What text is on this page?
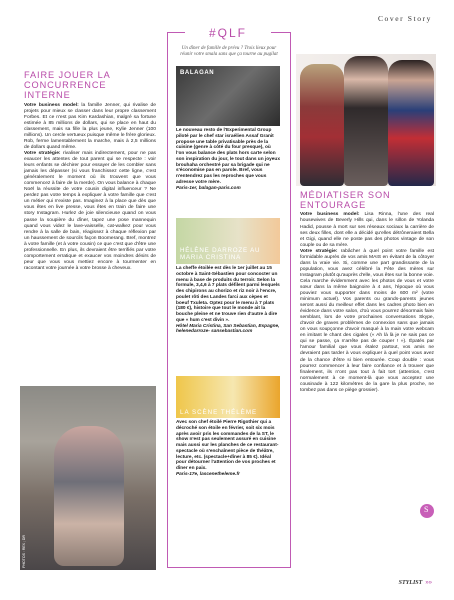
Cover Story
FAIRE JOUER LA CONCURRENCE INTERNE
Votre business model: la famille Jenner, qui rivalise de projets pour mieux se classer dans leur propre classement Forbes. Et ce n'est pas Kim Kardashian, malgré sa fortune estimée à 85 millions de dollars, qui se place en haut du classement, mais sa fille la plus jeune, Kylie Jenner (100 millions). Un cercle vertueux puisque même le frère glorieux. Rob, ferme lamentablement la marche, mais à 2,5 millions de dollars quand même.
Votre stratégie: rivaliser mais indirectement, pour ne pas exaucer les attentes de tout parent qui se respecte : voir leurs enfants se déchirer pour essayer de les combler sans jamais les dépasser (si vous franchissez cette ligne, c'est généralement le moment où ils trouvent que vous commencez à faire de la merde). On vous balance à chaque Noël la réussite de votre cousin digital influenceur ? Ne perdez pas votre temps à expliquer à votre famille que c'est un métier qui n'existe pas. Imaginez à la place que dès que vous êtes en live presse, vous êtes en train de faire une story Instagram. Hurlez de joie silencieuse quand on vous passe la soupière du dîner, tapez une pose mannequin quand vous videz le lave-vaisselle, cat-walkez pour vous rendre à la salle de bain, réagissez à chaque réflexion par un haussement de sourcils façon Boomerang. Bref, montrez à votre famille (et à votre cousin) ce que c'est que d'être une professionnelle. En plus, ils devraient être terrifiés par votre comportement erratique et exaucer vos moindres désirs de peur que vous vous mettiez encore à tourmenter en racontant votre journée à votre brosse à cheveux.
PHOTOS : REX ; DR
#QLF
Un dîner de famille de prévu ? Trois lieux pour réunir votre smala sans que ça tourne au pugilat
BALAGAN
Le nouveau resto de l'Experimental Group piloté par le chef star israélien Assaf Granit propose une table privatisable près de la cuisine (genre à côté du four presque), où l'on vous balance des plats hors carte selon son inspiration du jour, le tout dans un joyeux brouhaha orchestré par sa brigade qui ne s'économise pas en parole. Bref, vous n'entendrez pas les reproches que vous adresse votre mère.
Paris-1er, balagan-paris.com
HÉLÈNE DARROZE AU MARIA CRISTINA
La cheffe étoilée est dès le 1er juillet au 15 octobre à Saint-Sébastien pour concocter un menu à base de produits du terroir. Selon la formule, 3,4,6 à 7 plats défilent parmi lesquels des chipirons au chorizo et riz noir à l'encre, poulet rôti des Landes farci aux cèpes et boeuf Txuleta. Optez pour le menu à 7 plats (180 €), histoire que tout le monde ait la bouche pleine et ne trouve rien d'autre à dire que « hum c'est divin ».
Hôtel Maria Cristina, San Sebastian, Espagne, helenedarroze- sansebastian.com
LA SCÈNE THÉLÈME
Avec son chef étoilé Pierre Rigothier qui a décroché son étoile en février, soit six mois après avoir pris les commandes de la ST, le show n'est pas seulement assuré en cuisine mais aussi sur les planches de ce restaurant-spectacle où s'enchaînent pièce de théâtre, lecture, etc. (spectacle+dîner à 85 €). Idéal pour détourner l'attention de vos proches et dîner en paix.
Paris-17e, lascenetheleme.fr
MÉDIATISER SON ENTOURAGE
Votre business model: Lisa Rinna, l'une des real housewives de Beverly Hills qui, dans le sillon de Yolanda Hadid, pousse à mort sur ses réseaux sociaux la carrière de ses deux filles, dont elle a décidé qu'elles détrôneraient Bella et Gigi, quand elle ne poste pas des photos vintage de son couple ou de sa mère.
Votre stratégie: rabâcher à quel point votre famille est formidable auprès de vos amis MAIS en évitant de la côtoyer dans la vraie vie. Si, comme une part grandissante de la population, vous avez célébré la Fête des mères sur Instagram plutôt qu'auprès d'elle, vous êtes sur la bonne voie. Cela marche évidemment avec les photos de vous et votre sœur dans la même baignoire à 4 ans, l'époque où vous pouviez vous supporter dans moins de 600 m² (votre minimum actuel). Vos parents ou grands-parents jeunes seront aussi du meilleur effet dans les cadres photo bien en évidence dans votre salon, d'où vous pourrez désormais faire semblant, lors de votre prochaines conversations Skype, d'avoir de graves problèmes de connexion sans que jamais on vous soupçonne d'avoir masqué à la main votre webcam en imitant le chant des cigales (« Ah là là je ne sais pas ce qui se passe, ça n'arrête pas de couper ! »). Épatés par l'amour familial que vous étalez partout, vos amis ne devraient pas tarder à vous expliquer à quel point vous avez de la chance d'être si bien entourée. Coup double : vous pourrez commencer à leur faire confiance et à trouver que finalement, ils n'ont pas tout à fait tort (attention, c'est normalement à ce moment-là que vous acceptez une cousinade à 122 kilomètres de la gare la plus proche, ne tombez pas dans ce piège grossier).
S
STYLIST »»
